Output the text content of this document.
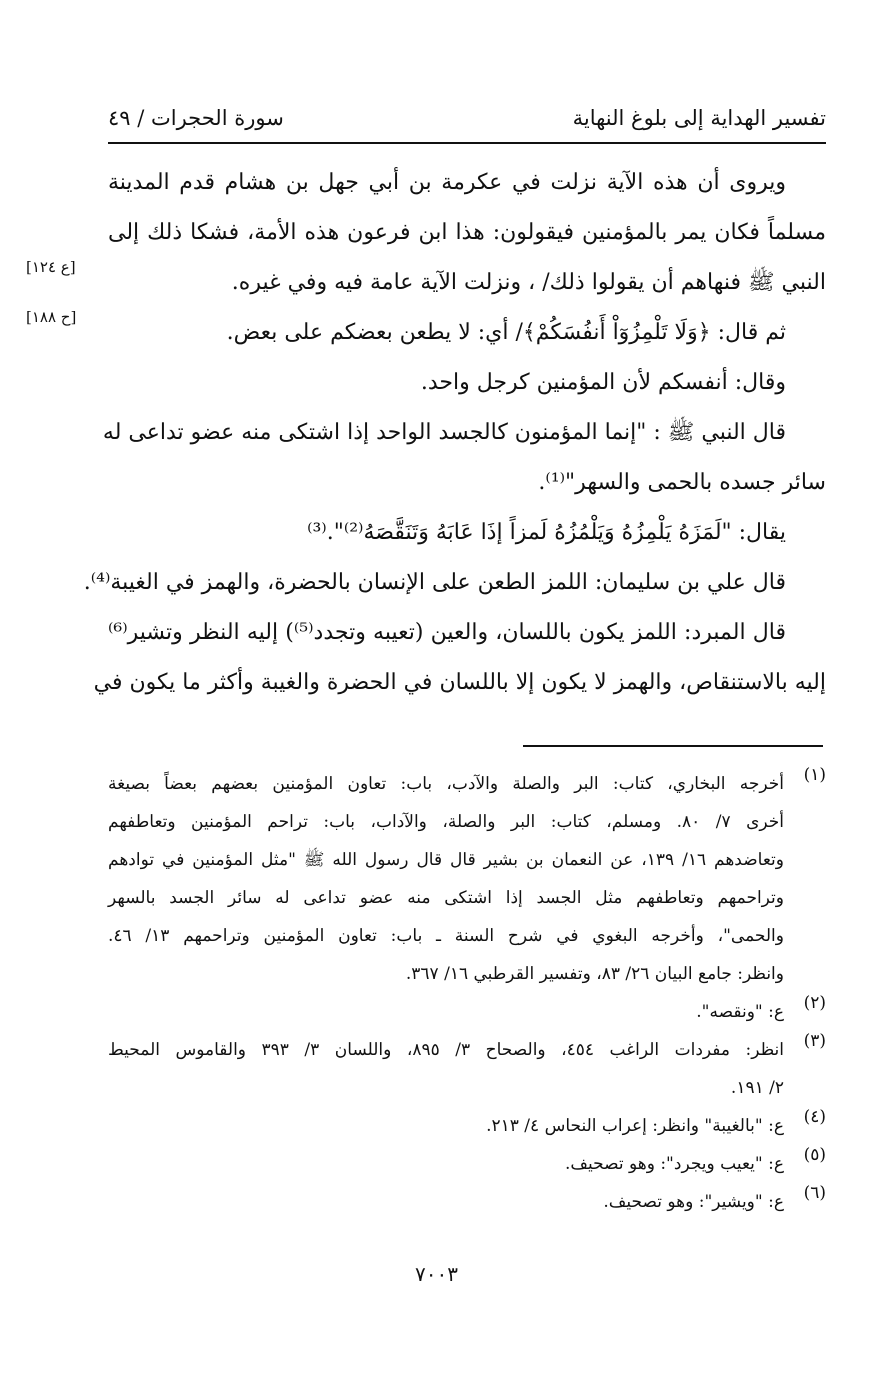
تفسير الهداية إلى بلوغ النهاية
سورة الحجرات / ٤٩
[ع ١٢٤]
[ح ١٨٨]
ويروى أن هذه الآية نزلت في عكرمة بن أبي جهل بن هشام قدم المدينة
مسلماً فكان يمر بالمؤمنين فيقولون: هذا ابن فرعون هذه الأمة، فشكا ذلك إلى
النبي ﷺ فنهاهم أن يقولوا ذلك/ ، ونزلت الآية عامة فيه وفي غيره.
ثم قال: ﴿وَلَا تَلْمِزُوٓاْ أَنفُسَكُمْ﴾/ أي: لا يطعن بعضكم على بعض.
وقال: أنفسكم لأن المؤمنين كرجل واحد.
قال النبي ﷺ : "إنما المؤمنون كالجسد الواحد إذا اشتكى منه عضو تداعى له
سائر جسده بالحمى والسهر"⁽¹⁾.
يقال: "لَمَزَهُ يَلْمِزُهُ وَيَلْمُزُهُ لَمزاً إذَا عَابَهُ وَتَنَقَّصَهُ⁽²⁾".⁽³⁾
قال علي بن سليمان: اللمز الطعن على الإنسان بالحضرة، والهمز في الغيبة⁽⁴⁾.
قال المبرد: اللمز يكون باللسان، والعين (تعيبه وتجدد⁽⁵⁾) إليه النظر وتشير⁽⁶⁾
إليه بالاستنقاص، والهمز لا يكون إلا باللسان في الحضرة والغيبة وأكثر ما يكون في
(١)
أخرجه البخاري، كتاب: البر والصلة والآدب، باب: تعاون المؤمنين بعضهم بعضاً بصيغة
أخرى ٧/ ٨٠. ومسلم، كتاب: البر والصلة، والآداب، باب: تراحم المؤمنين وتعاطفهم
وتعاضدهم ١٦/ ١٣٩، عن النعمان بن بشير قال قال رسول الله ﷺ "مثل المؤمنين في توادهم
وتراحمهم وتعاطفهم مثل الجسد إذا اشتكى منه عضو تداعى له سائر الجسد بالسهر
والحمى"، وأخرجه البغوي في شرح السنة ـ باب: تعاون المؤمنين وتراحمهم ١٣/ ٤٦.
وانظر: جامع البيان ٢٦/ ٨٣، وتفسير القرطبي ١٦/ ٣٦٧.
(٢)
ع: "ونقصه".
(٣)
انظر: مفردات الراغب ٤٥٤، والصحاح ٣/ ٨٩٥، واللسان ٣/ ٣٩٣ والقاموس المحيط
٢/ ١٩١.
(٤)
ع: "بالغيبة" وانظر: إعراب النحاس ٤/ ٢١٣.
(٥)
ع: "يعيب ويجرد": وهو تصحيف.
(٦)
ع: "ويشير": وهو تصحيف.
٧٠٠٣
